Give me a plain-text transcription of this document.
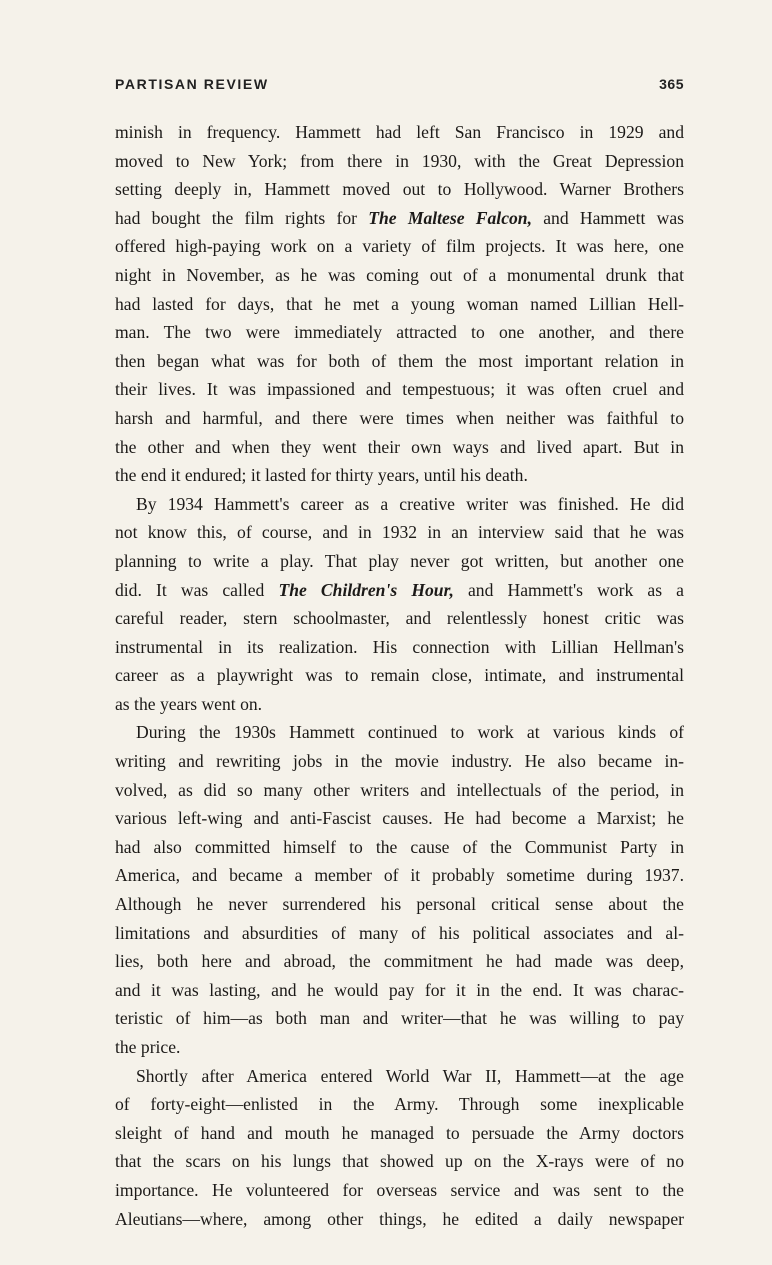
PARTISAN REVIEW	365
minish in frequency. Hammett had left San Francisco in 1929 and
moved to New York; from there in 1930, with the Great Depression
setting deeply in, Hammett moved out to Hollywood. Warner Brothers
had bought the film rights for The Maltese Falcon, and Hammett was
offered high-paying work on a variety of film projects. It was here, one
night in November, as he was coming out of a monumental drunk that
had lasted for days, that he met a young woman named Lillian Hell-
man. The two were immediately attracted to one another, and there
then began what was for both of them the most important relation in
their lives. It was impassioned and tempestuous; it was often cruel and
harsh and harmful, and there were times when neither was faithful to
the other and when they went their own ways and lived apart. But in
the end it endured; it lasted for thirty years, until his death.
By 1934 Hammett's career as a creative writer was finished. He did
not know this, of course, and in 1932 in an interview said that he was
planning to write a play. That play never got written, but another one
did. It was called The Children's Hour, and Hammett's work as a
careful reader, stern schoolmaster, and relentlessly honest critic was
instrumental in its realization. His connection with Lillian Hellman's
career as a playwright was to remain close, intimate, and instrumental
as the years went on.
During the 1930s Hammett continued to work at various kinds of
writing and rewriting jobs in the movie industry. He also became in-
volved, as did so many other writers and intellectuals of the period, in
various left-wing and anti-Fascist causes. He had become a Marxist; he
had also committed himself to the cause of the Communist Party in
America, and became a member of it probably sometime during 1937.
Although he never surrendered his personal critical sense about the
limitations and absurdities of many of his political associates and al-
lies, both here and abroad, the commitment he had made was deep,
and it was lasting, and he would pay for it in the end. It was charac-
teristic of him—as both man and writer—that he was willing to pay
the price.
Shortly after America entered World War II, Hammett—at the age
of forty-eight—enlisted in the Army. Through some inexplicable
sleight of hand and mouth he managed to persuade the Army doctors
that the scars on his lungs that showed up on the X-rays were of no
importance. He volunteered for overseas service and was sent to the
Aleutians—where, among other things, he edited a daily newspaper
